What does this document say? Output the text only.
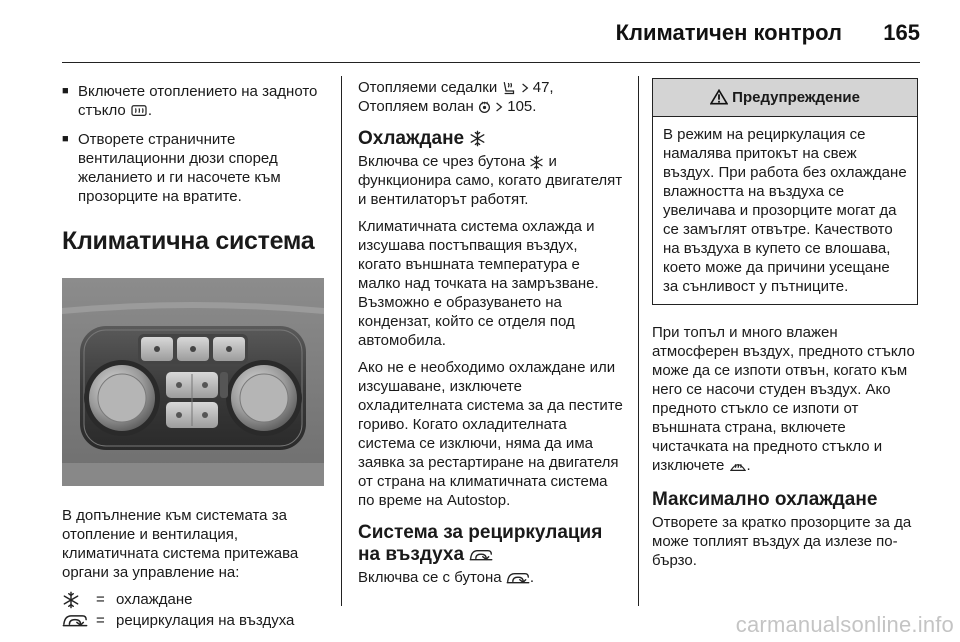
Климатичен контрол 165
■ Включете отоплението на задното стъкло .
■ Отворете страничните вентилационни дюзи според желанието и ги насочете към прозорците на вратите.
Климатична система

В допълнение към системата за отопление и вентилация, климатичната система притежава органи за управление на:

= охлаждане
= рециркулация на въздуха

Отопляеми седалки 47,
Отопляем волан 105.

Охлаждане

Включва се чрез бутона и функционира само, когато двигателят и вентилаторът работят.

Климатичната система охлажда и изсушава постъпващия въздух, когато външната температура е малко над точката на замръзване. Възможно е образуването на кондензат, който се отделя под автомобила.

Ако не е необходимо охлаждане или изсушаване, изключете охладителната система за да пестите гориво. Когато охладителната система се изключи, няма да има заявка за рестартиране на двигателя от страна на климатичната система по време на Autostop.

Система за рециркулация на въздуха

Включва се с бутона .

Предупреждение
В режим на рециркулация се намалява притокът на свеж въздух. При работа без охлаждане влажността на въздуха се увеличава и прозорците могат да се замъглят отвътре. Качеството на въздуха в купето се влошава, което може да причини усещане за сънливост у пътниците.

При топъл и много влажен атмосферен въздух, предното стъкло може да се изпоти отвън, когато към него се насочи студен въздух. Ако предното стъкло се изпоти от външната страна, включете чистачката на предното стъкло и изключете .

Максимално охлаждане

Отворете за кратко прозорците за да може топлият въздух да излезе по-бързо.

carmanualsonline.info
